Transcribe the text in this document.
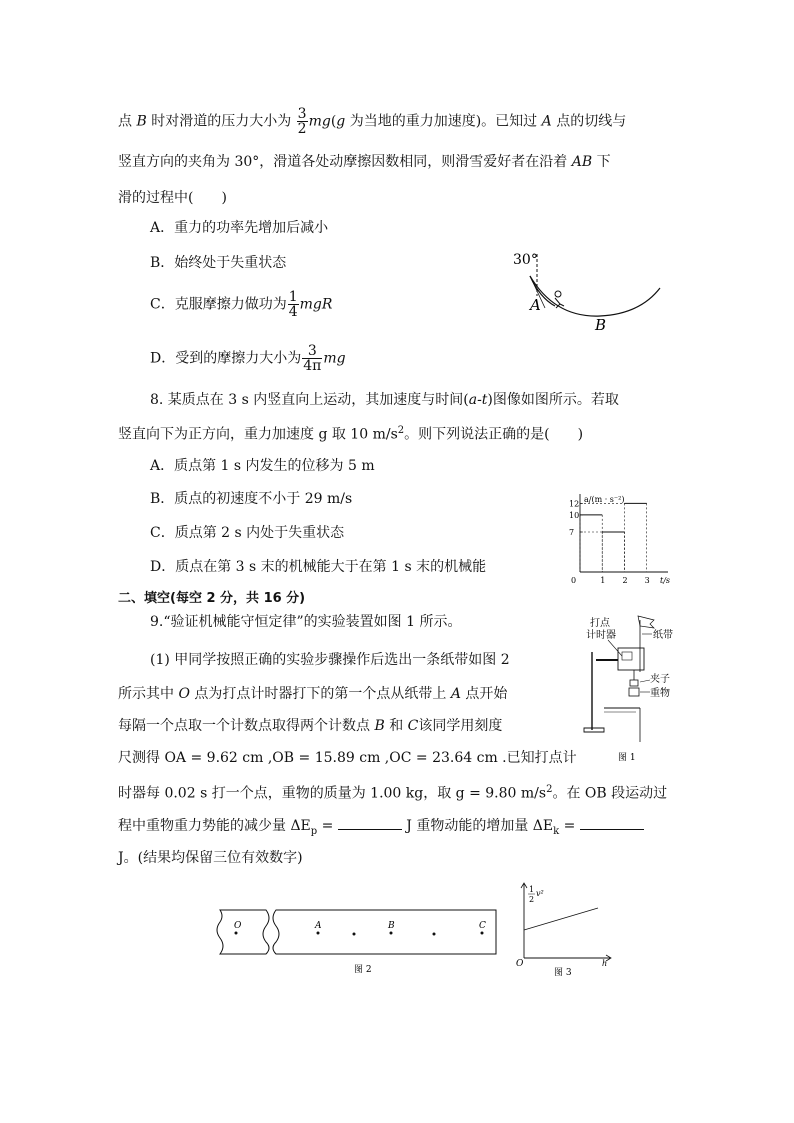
点 B 时对滑道的压力大小为 $\frac{3}{2} mg(g$ 为当地的重力加速度)。已知过 A 点的切线与
竖直方向的夹角为 30°，滑道各处动摩擦因数相同，则滑雪爱好者在沿着 AB 下
滑的过程中(　　)
A．重力的功率先增加后减小
B．始终处于失重状态
C．克服摩擦力做功为 $\frac{1}{4}$ mgR
D．受到的摩擦力大小为 $\frac{3}{4\pi}$ mg
30°
A
B
8. 某质点在 3 s 内竖直向上运动，其加速度与时间(a-t)图像如图所示。若取
竖直向下为正方向，重力加速度 g 取 10 $m/s^2$。则下列说法正确的是(　　)
A．质点第 1 s 内发生的位移为 5 m
B．质点的初速度不小于 29 m/s
C．质点第 2 s 内处于失重状态
D．质点在第 3 s 末的机械能大于在第 1 s 末的机械能
a/(m · s⁻²)
t/s
0
7
10
12
1 2 3
二、填空(每空 2 分，共 16 分)
9.“验证机械能守恒定律”的实验装置如图 1 所示。
(1) 甲同学按照正确的实验步骤操作后选出一条纸带如图 2
所示其中 O 点为打点计时器打下的第一个点从纸带上 A 点开始
每隔一个点取一个计数点取得两个计数点 B 和 C该同学用刻度
尺测得 OA = 9.62 cm ,OB = 15.89 cm ,OC = 23.64 cm .已知打点计
时器每 0.02 s 打一个点，重物的质量为 1.00 kg，取 g = 9.80 $m/s^2$。在 OB 段运动过
程中重物重力势能的减少量 $\Delta E_p$ =	J 重物动能的增加量 $\Delta E_k$ =
J。(结果均保留三位有效数字)
打点
计时器	纸带
夹子
重物
图 1
O	A	B	C
图 2
1
2
v²
O	h
图 3
